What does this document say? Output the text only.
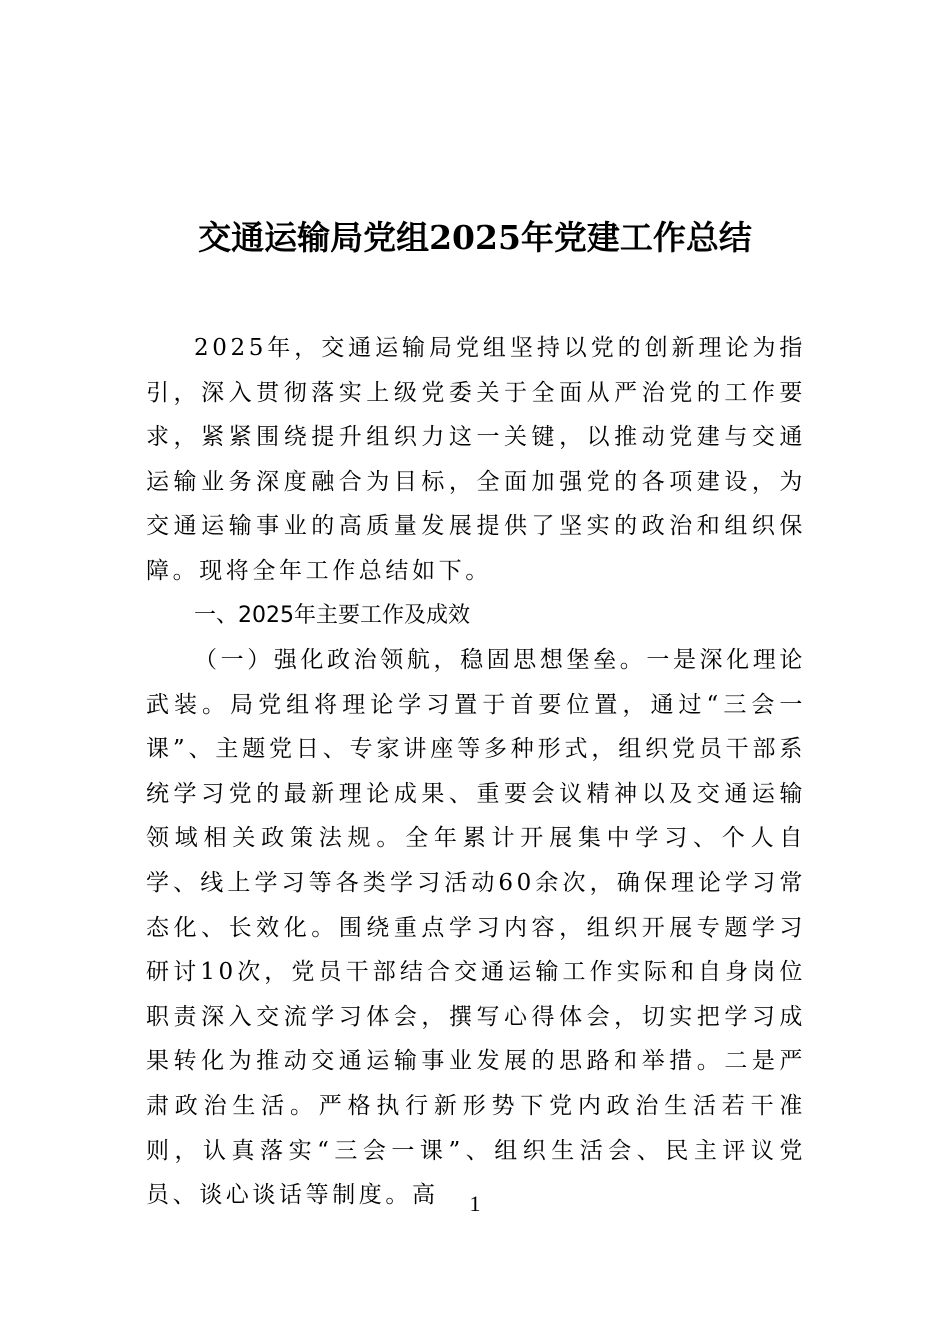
交通运输局党组2025年党建工作总结

2025年，交通运输局党组坚持以党的创新理论为指引，深入贯彻落实上级党委关于全面从严治党的工作要求，紧紧围绕提升组织力这一关键，以推动党建与交通运输业务深度融合为目标，全面加强党的各项建设，为交通运输事业的高质量发展提供了坚实的政治和组织保障。现将全年工作总结如下。

一、2025年主要工作及成效

（一）强化政治领航，稳固思想堡垒。一是深化理论武装。局党组将理论学习置于首要位置，通过“三会一课”、主题党日、专家讲座等多种形式，组织党员干部系统学习党的最新理论成果、重要会议精神以及交通运输领域相关政策法规。全年累计开展集中学习、个人自学、线上学习等各类学习活动60余次，确保理论学习常态化、长效化。围绕重点学习内容，组织开展专题学习研讨10次，党员干部结合交通运输工作实际和自身岗位职责深入交流学习体会，撰写心得体会，切实把学习成果转化为推动交通运输事业发展的思路和举措。二是严肃政治生活。严格执行新形势下党内政治生活若干准则，认真落实“三会一课”、组织生活会、民主评议党员、谈心谈话等制度。高	1
